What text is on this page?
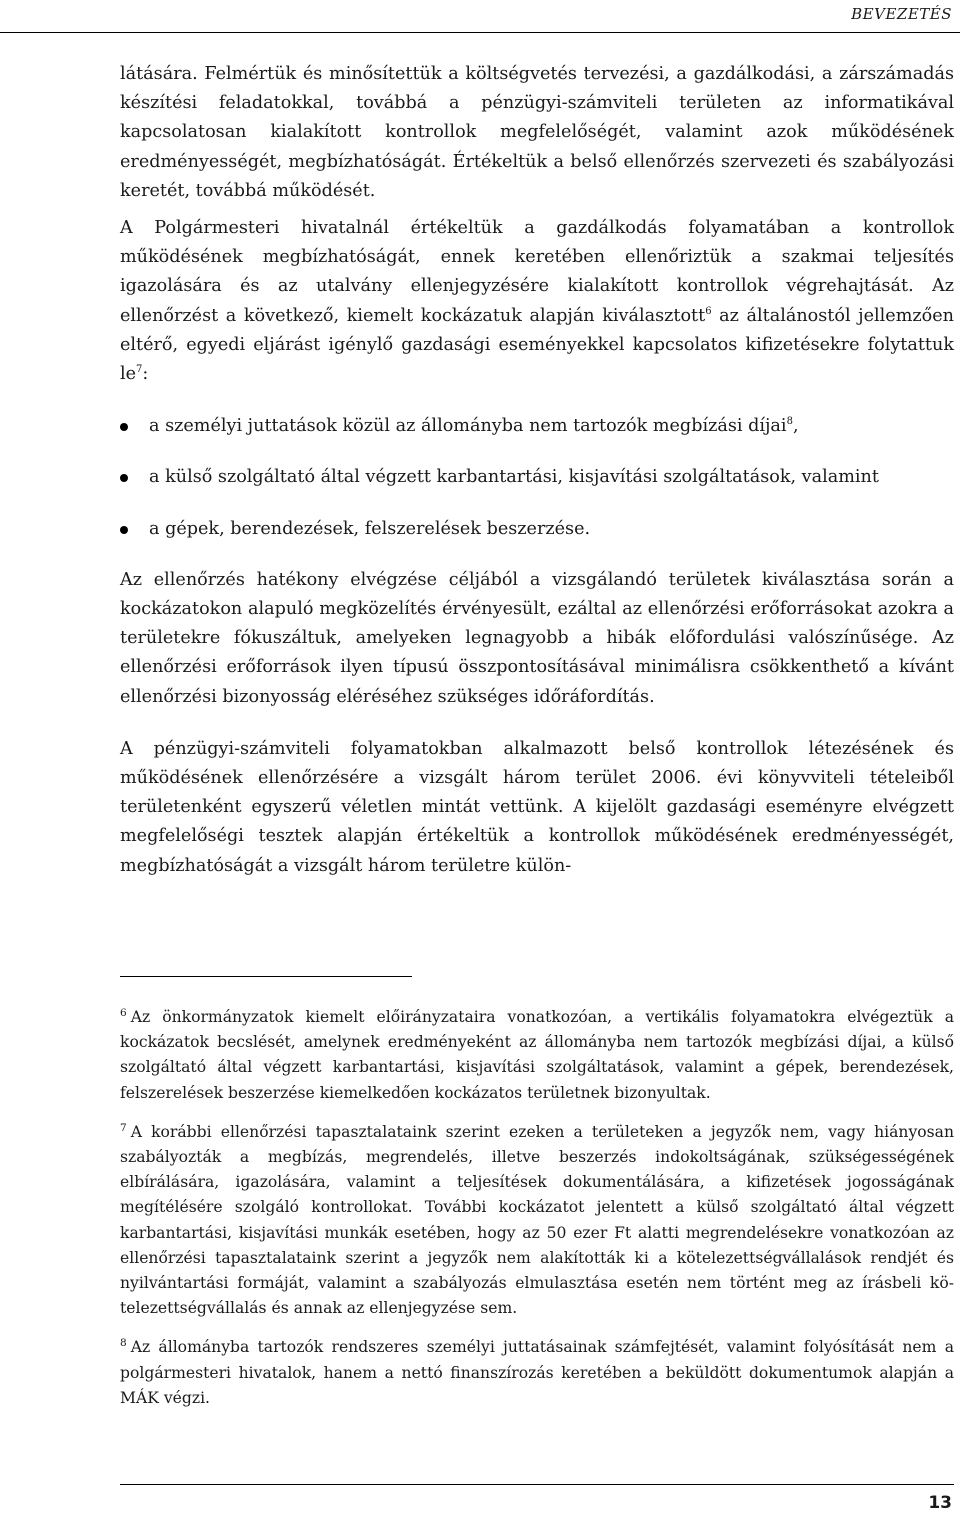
BEVEZETÉS

látására. Felmértük és minősítettük a költségvetés tervezési, a gazdálkodási, a zárszámadás készítési feladatokkal, továbbá a pénzügyi-számviteli területen az informatikával kapcsolatosan kialakított kontrollok megfelelőségét, valamint azok működésének eredményességét, megbízhatóságát. Értékeltük a belső ellenőrzés szervezeti és szabályozási keretét, továbbá működését.

A Polgármesteri hivatalnál értékeltük a gazdálkodás folyamatában a kontrollok működésének megbízhatóságát, ennek keretében ellenőriztük a szakmai teljesítés igazolására és az utalvány ellenjegyzésére kialakított kontrollok végrehajtását. Az ellenőrzést a következő, kiemelt kockázatuk alapján kiválasztott$^6$ az általánostól jellemzően eltérő, egyedi eljárást igénylő gazdasági eseményekkel kapcsolatos kifizetésekre folytattuk $le^7$:

a személyi juttatások közül az állományba nem tartozók megbízási díjai$^8$,
a külső szolgáltató által végzett karbantartási, kisjavítási szolgáltatások, valamint
a gépek, berendezések, felszerelések beszerzése.

Az ellenőrzés hatékony elvégzése céljából a vizsgálandó területek kiválasztása során a kockázatokon alapuló megközelítés érvényesült, ezáltal az ellenőrzési erőforrásokat azokra a területekre fókuszáltuk, amelyeken legnagyobb a hibák előfordulási valószínűsége. Az ellenőrzési erőforrások ilyen típusú összpontosításával minimálisra csökkenthető a kívánt ellenőrzési bizonyosság eléréséhez szükséges időráfordítás.

A pénzügyi-számviteli folyamatokban alkalmazott belső kontrollok létezésének és működésének ellenőrzésére a vizsgált három terület 2006. évi könyvviteli tételeiből területenként egyszerű véletlen mintát vettünk. A kijelölt gazdasági eseményre elvégzett megfelelőségi tesztek alapján értékeltük a kontrollok működésének eredményességét, megbízhatóságát a vizsgált három területre külön-

$^6$ Az önkormányzatok kiemelt előirányzataira vonatkozóan, a vertikális folyamatokra elvégeztük a kockázatok becslését, amelynek eredményeként az állományba nem tartozók megbízási díjai, a külső szolgáltató által végzett karbantartási, kisjavítási szolgáltatások, valamint a gépek, berendezések, felszerelések beszerzése kiemelkedően kockázatos területnek bizonyultak.

$^7$ A korábbi ellenőrzési tapasztalataink szerint ezeken a területeken a jegyzők nem, vagy hiányosan szabályozták a megbízás, megrendelés, illetve beszerzés indokoltságának, szükségességének elbírálására, igazolására, valamint a teljesítések dokumentálására, a kifizetések jogosságának megítélésére szolgáló kontrollokat. További kockázatot jelentett a külső szolgáltató által végzett karbantartási, kisjavítási munkák esetében, hogy az 50 ezer Ft alatti megrendelésekre vonatkozóan az ellenőrzési tapasztalataink szerint a jegyzők nem alakították ki a kötelezettségvállalások rendjét és nyilvántartási formáját, valamint a szabályozás elmulasztása esetén nem történt meg az írásbeli kötelezettségvállalás és annak az ellenjegyzése sem.

$^8$ Az állományba tartozók rendszeres személyi juttatásainak számfejtését, valamint folyósítását nem a polgármesteri hivatalok, hanem a nettó finanszírozás keretében a beküldött dokumentumok alapján a MÁK végzi.

13
